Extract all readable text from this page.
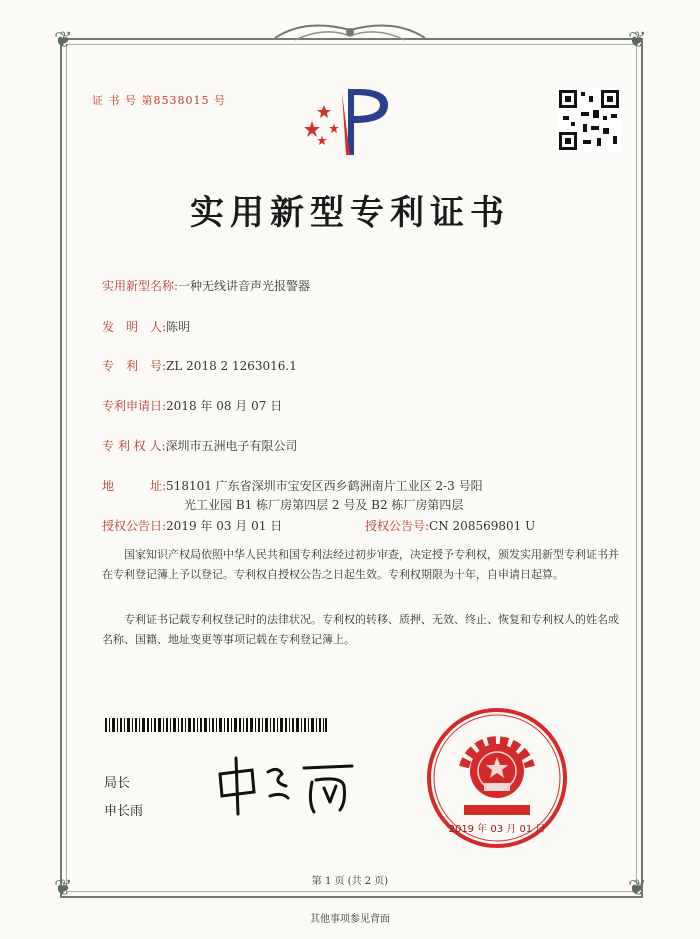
❦	❦
❦	❦
证 书 号 第8538015 号
实用新型专利证书
实用新型名称:一种无线讲音声光报警器
发　明　人:陈明
专　利　号:ZL 2018 2 1263016.1
专利申请日:2018 年 08 月 07 日
专 利 权 人:深圳市五洲电子有限公司
地　　　址:518101 广东省深圳市宝安区西乡鹤洲南片工业区 2-3 号阳
光工业园 B1 栋厂房第四层 2 号及 B2 栋厂房第四层
授权公告日:2019 年 03 月 01 日	授权公告号:CN 208569801 U
国家知识产权局依照中华人民共和国专利法经过初步审查，决定授予专利权，颁发实用新型专利证书并在专利登记簿上予以登记。专利权自授权公告之日起生效。专利权期限为十年，自申请日起算。
专利证书记载专利权登记时的法律状况。专利权的转移、质押、无效、终止、恢复和专利权人的姓名或名称、国籍、地址变更等事项记载在专利登记簿上。
局长
申长雨
2019 年 03 月 01 日
第 1 页 (共 2 页)
其他事项参见背面
